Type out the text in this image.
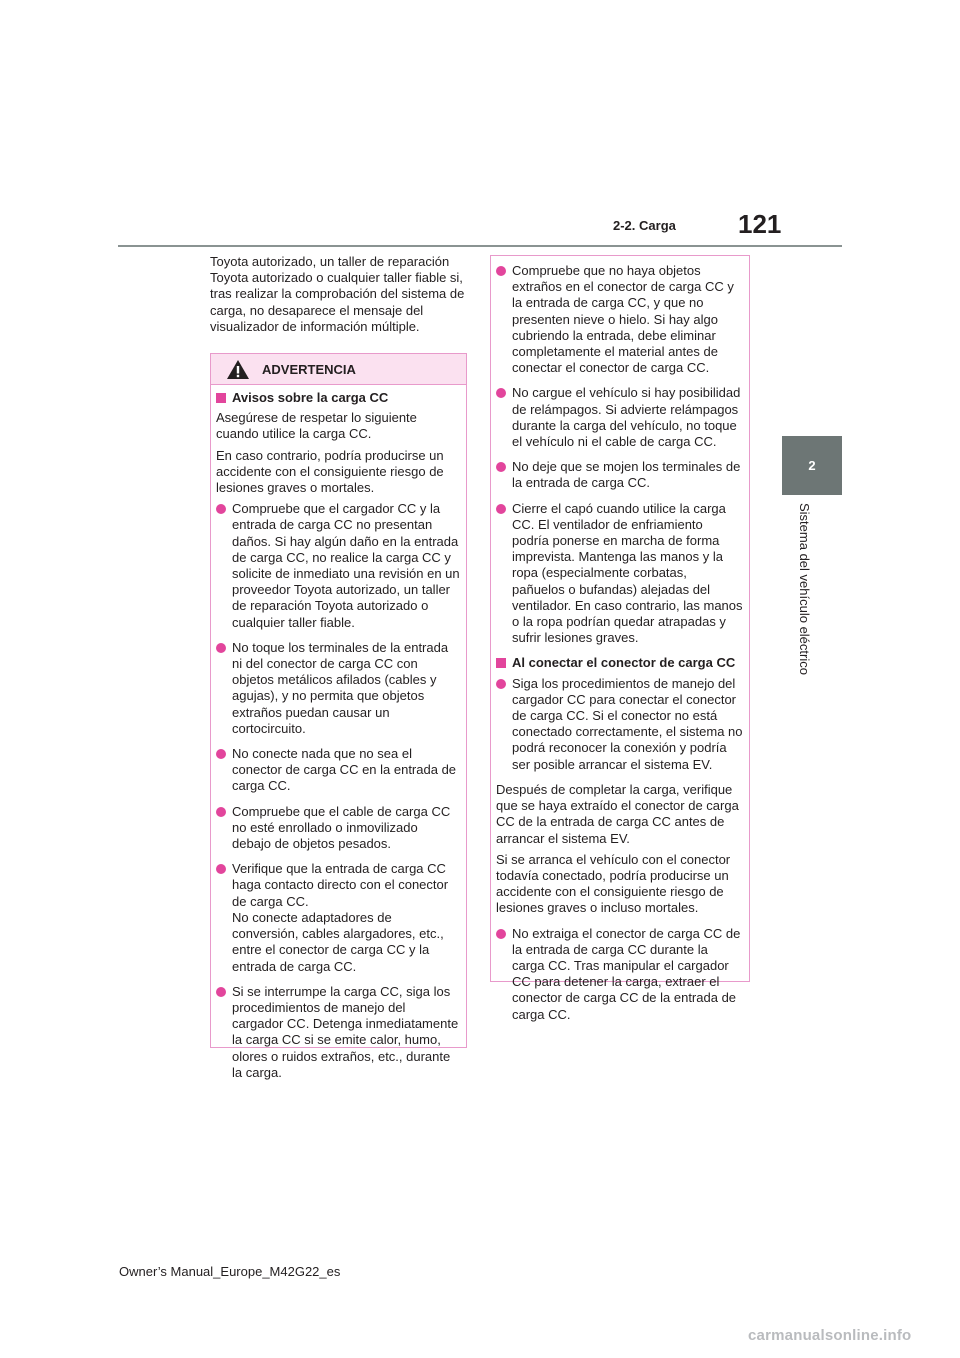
2-2. Carga 121
2
Sistema del vehículo eléctrico

Toyota autorizado, un taller de reparación Toyota autorizado o cualquier taller fiable si, tras realizar la comprobación del sistema de carga, no desaparece el mensaje del visualizador de información múltiple.

ADVERTENCIA

Avisos sobre la carga CC

Asegúrese de respetar lo siguiente cuando utilice la carga CC.

En caso contrario, podría producirse un accidente con el consiguiente riesgo de lesiones graves o mortales.

Compruebe que el cargador CC y la entrada de carga CC no presentan daños. Si hay algún daño en la entrada de carga CC, no realice la carga CC y solicite de inmediato una revisión en un proveedor Toyota autorizado, un taller de reparación Toyota autorizado o cualquier taller fiable.
No toque los terminales de la entrada ni del conector de carga CC con objetos metálicos afilados (cables y agujas), y no permita que objetos extraños puedan causar un cortocircuito.
No conecte nada que no sea el conector de carga CC en la entrada de carga CC.
Compruebe que el cable de carga CC no esté enrollado o inmovilizado debajo de objetos pesados.
Verifique que la entrada de carga CC haga contacto directo con el conector de carga CC.
No conecte adaptadores de conversión, cables alargadores, etc., entre el conector de carga CC y la entrada de carga CC.
Si se interrumpe la carga CC, siga los procedimientos de manejo del cargador CC. Detenga inmediatamente la carga CC si se emite calor, humo, olores o ruidos extraños, etc., durante la carga.
Compruebe que no haya objetos extraños en el conector de carga CC y la entrada de carga CC, y que no presenten nieve o hielo. Si hay algo cubriendo la entrada, debe eliminar completamente el material antes de conectar el conector de carga CC.
No cargue el vehículo si hay posibilidad de relámpagos. Si advierte relámpagos durante la carga del vehículo, no toque el vehículo ni el cable de carga CC.
No deje que se mojen los terminales de la entrada de carga CC.
Cierre el capó cuando utilice la carga CC. El ventilador de enfriamiento podría ponerse en marcha de forma imprevista. Mantenga las manos y la ropa (especialmente corbatas, pañuelos o bufandas) alejadas del ventilador. En caso contrario, las manos o la ropa podrían quedar atrapadas y sufrir lesiones graves.

Al conectar el conector de carga CC

Siga los procedimientos de manejo del cargador CC para conectar el conector de carga CC. Si el conector no está conectado correctamente, el sistema no podrá reconocer la conexión y podría ser posible arrancar el sistema EV.

Después de completar la carga, verifique que se haya extraído el conector de carga CC de la entrada de carga CC antes de arrancar el sistema EV.

Si se arranca el vehículo con el conector todavía conectado, podría producirse un accidente con el consiguiente riesgo de lesiones graves o incluso mortales.

No extraiga el conector de carga CC de la entrada de carga CC durante la carga CC. Tras manipular el cargador CC para detener la carga, extraer el conector de carga CC de la entrada de carga CC.
Owner’s Manual_Europe_M42G22_es
carmanualsonline.info
